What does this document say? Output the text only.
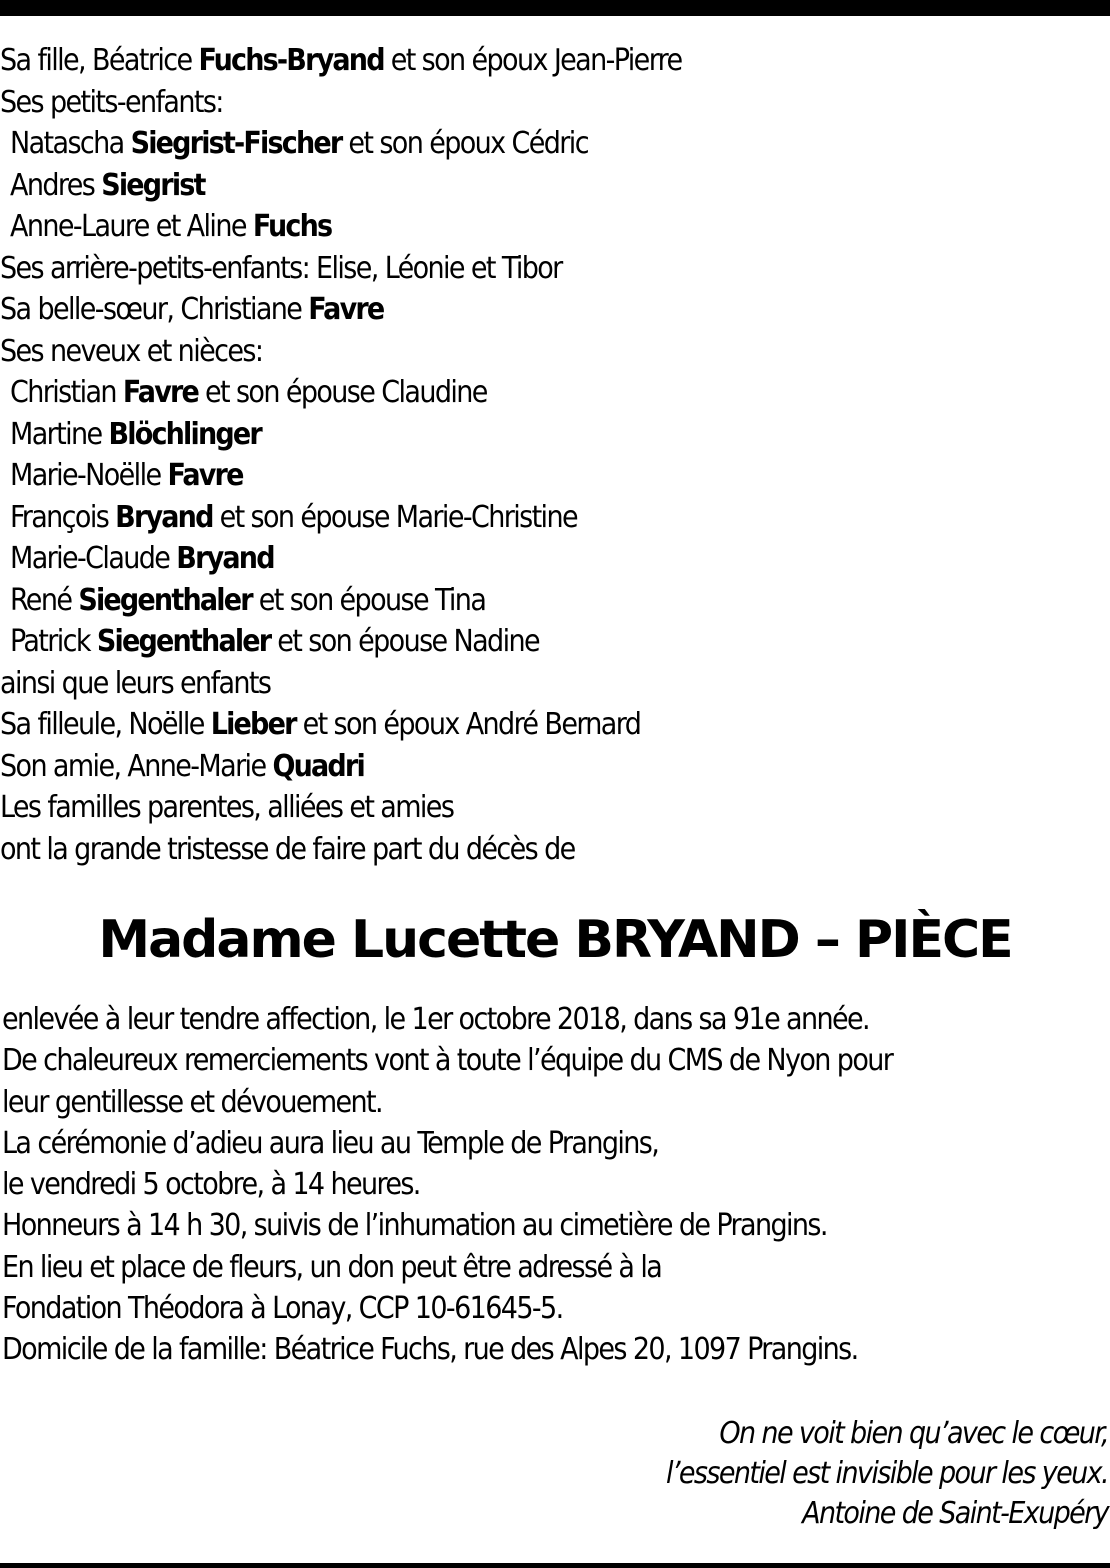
Sa fille, Béatrice Fuchs-Bryand et son époux Jean-Pierre
Ses petits-enfants:
Natascha Siegrist-Fischer et son époux Cédric
Andres Siegrist
Anne-Laure et Aline Fuchs
Ses arrière-petits-enfants: Elise, Léonie et Tibor
Sa belle-sœur, Christiane Favre
Ses neveux et nièces:
Christian Favre et son épouse Claudine
Martine Blöchlinger
Marie-Noëlle Favre
François Bryand et son épouse Marie-Christine
Marie-Claude Bryand
René Siegenthaler et son épouse Tina
Patrick Siegenthaler et son épouse Nadine
ainsi que leurs enfants
Sa filleule, Noëlle Lieber et son époux André Bernard
Son amie, Anne-Marie Quadri
Les familles parentes, alliées et amies
ont la grande tristesse de faire part du décès de
Madame Lucette BRYAND – PIÈCE
enlevée à leur tendre affection, le 1er octobre 2018, dans sa 91e année.
De chaleureux remerciements vont à toute l’équipe du CMS de Nyon pour
leur gentillesse et dévouement.
La cérémonie d’adieu aura lieu au Temple de Prangins,
le vendredi 5 octobre, à 14 heures.
Honneurs à 14 h 30, suivis de l’inhumation au cimetière de Prangins.
En lieu et place de fleurs, un don peut être adressé à la
Fondation Théodora à Lonay, CCP 10-61645-5.
Domicile de la famille: Béatrice Fuchs, rue des Alpes 20, 1097 Prangins.
On ne voit bien qu’avec le cœur,
l’essentiel est invisible pour les yeux.
Antoine de Saint-Exupéry
